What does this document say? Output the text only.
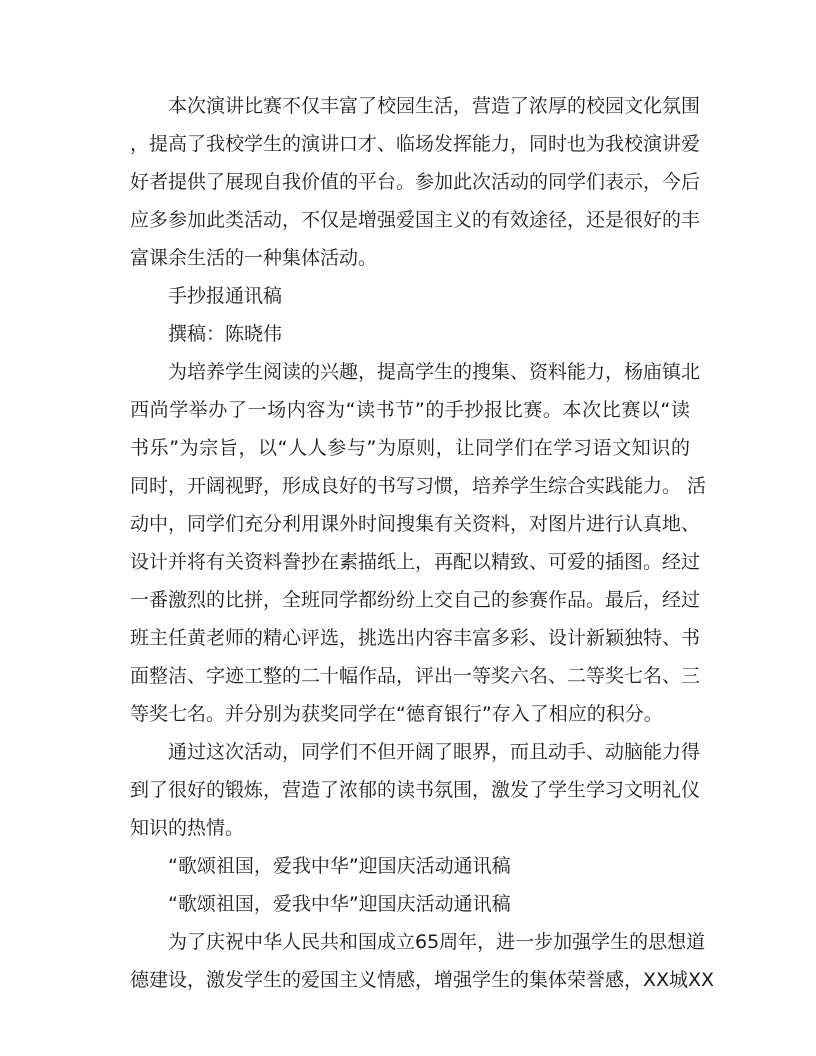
本次演讲比赛不仅丰富了校园生活，营造了浓厚的校园文化氛围
，提高了我校学生的演讲口才、临场发挥能力，同时也为我校演讲爱
好者提供了展现自我价值的平台。参加此次活动的同学们表示，今后
应多参加此类活动，不仅是增强爱国主义的有效途径，还是很好的丰
富课余生活的一种集体活动。
手抄报通讯稿
撰稿：陈晓伟
为培养学生阅读的兴趣，提高学生的搜集、资料能力，杨庙镇北
西尚学举办了一场内容为“读书节”的手抄报比赛。本次比赛以“读
书乐”为宗旨，以“人人参与”为原则，让同学们在学习语文知识的
同时，开阔视野，形成良好的书写习惯，培养学生综合实践能力。 活
动中，同学们充分利用课外时间搜集有关资料，对图片进行认真地、
设计并将有关资料誊抄在素描纸上，再配以精致、可爱的插图。经过
一番激烈的比拼，全班同学都纷纷上交自己的参赛作品。最后，经过
班主任黄老师的精心评选，挑选出内容丰富多彩、设计新颖独特、书
面整洁、字迹工整的二十幅作品，评出一等奖六名、二等奖七名、三
等奖七名。并分别为获奖同学在“德育银行”存入了相应的积分。
通过这次活动，同学们不但开阔了眼界，而且动手、动脑能力得
到了很好的锻炼，营造了浓郁的读书氛围，激发了学生学习文明礼仪
知识的热情。
“歌颂祖国，爱我中华”迎国庆活动通讯稿
“歌颂祖国，爱我中华”迎国庆活动通讯稿
为了庆祝中华人民共和国成立65周年，进一步加强学生的思想道
德建设，激发学生的爱国主义情感，增强学生的集体荣誉感，XX城XX
